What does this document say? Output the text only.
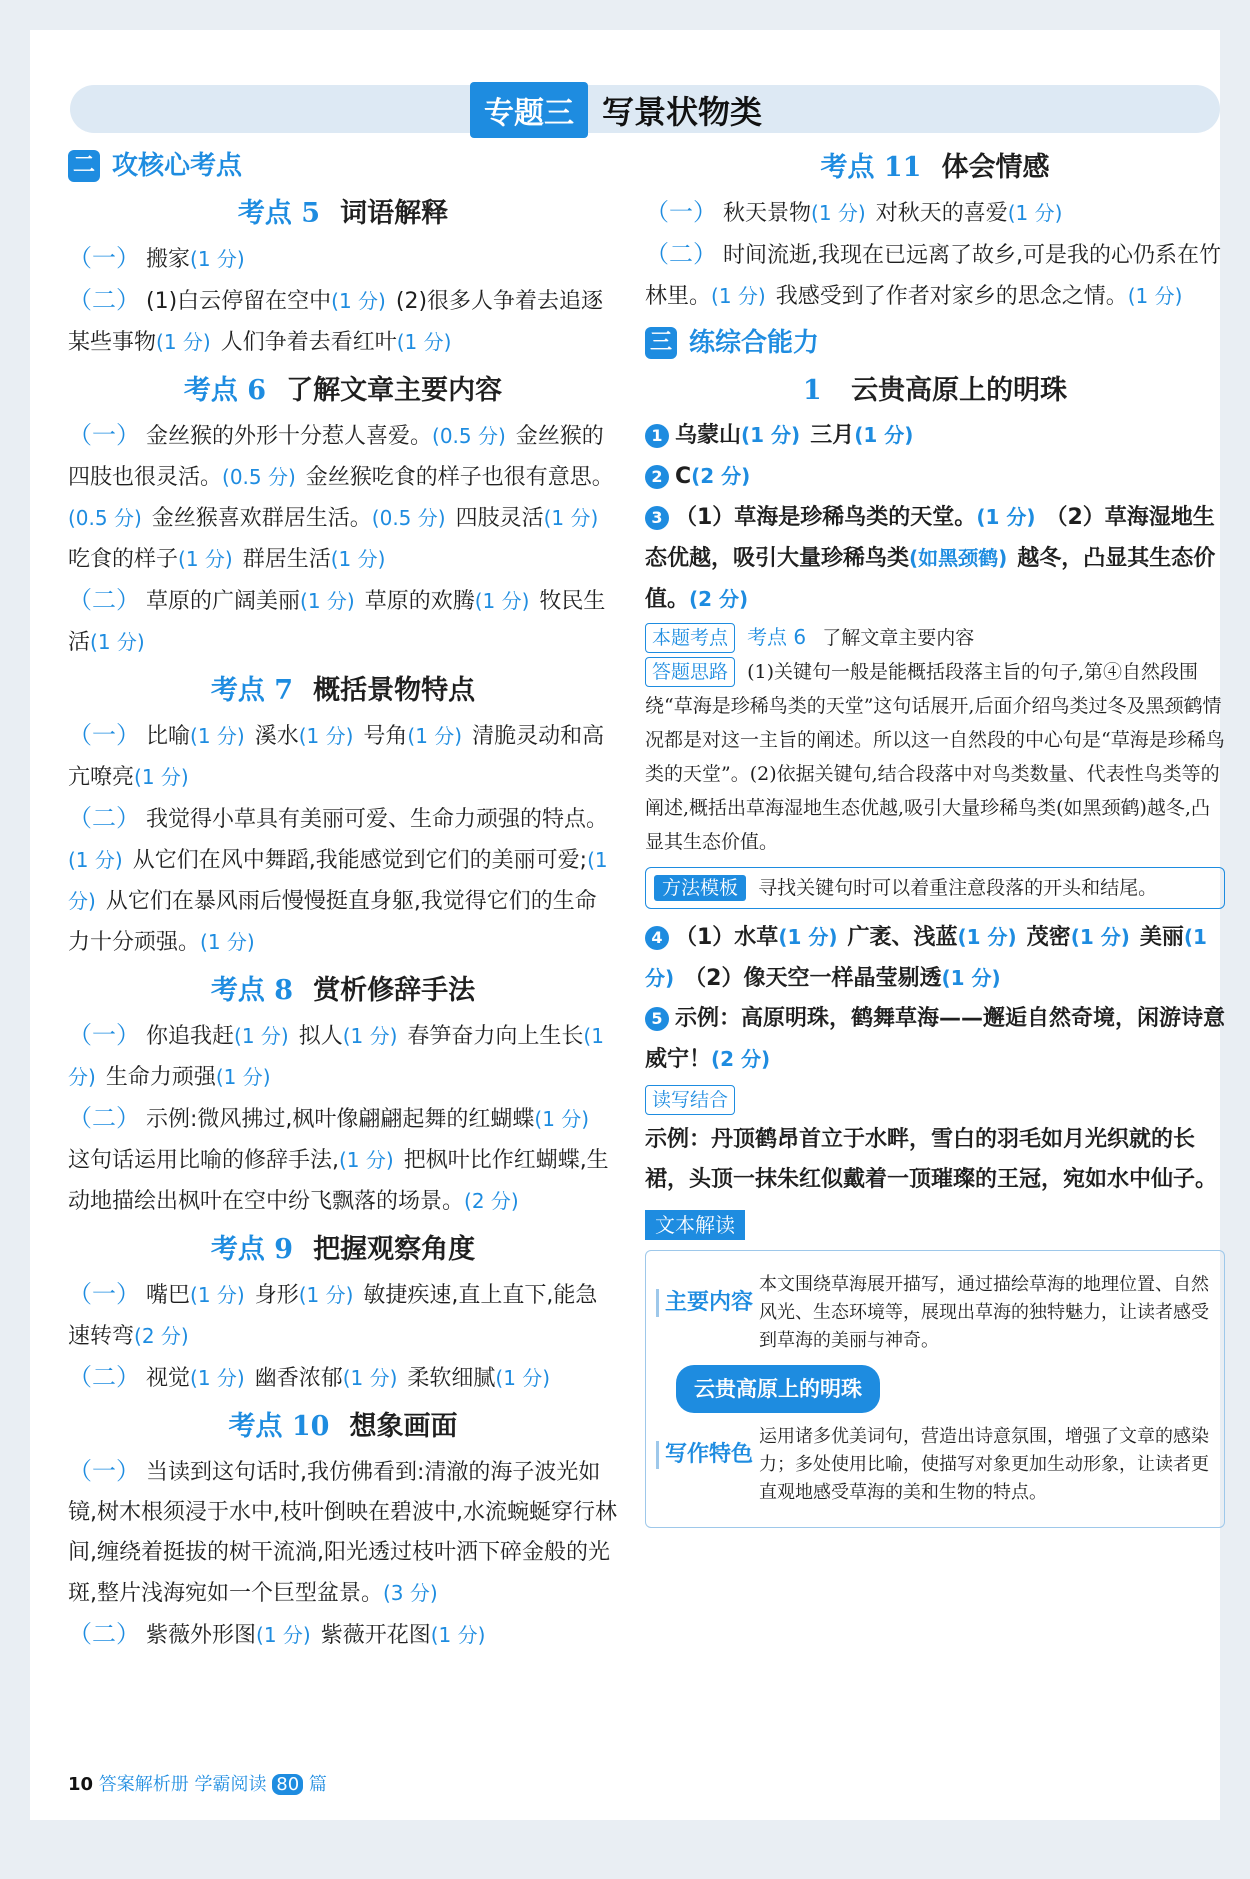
专题三 写景状物类
二 攻核心考点
考点 5 词语解释

（一） 搬家(1 分)

（二） (1)白云停留在空中(1 分) (2)很多人争着去追逐某些事物(1 分) 人们争着去看红叶(1 分)

考点 6 了解文章主要内容

（一） 金丝猴的外形十分惹人喜爱。(0.5 分) 金丝猴的四肢也很灵活。(0.5 分) 金丝猴吃食的样子也很有意思。(0.5 分) 金丝猴喜欢群居生活。(0.5 分) 四肢灵活(1 分)吃食的样子(1 分) 群居生活(1 分)

（二） 草原的广阔美丽(1 分) 草原的欢腾(1 分) 牧民生活(1 分)

考点 7 概括景物特点

（一） 比喻(1 分) 溪水(1 分) 号角(1 分) 清脆灵动和高亢嘹亮(1 分)

（二） 我觉得小草具有美丽可爱、生命力顽强的特点。(1 分) 从它们在风中舞蹈,我能感觉到它们的美丽可爱;(1 分) 从它们在暴风雨后慢慢挺直身躯,我觉得它们的生命力十分顽强。(1 分)

考点 8 赏析修辞手法

（一） 你追我赶(1 分) 拟人(1 分) 春笋奋力向上生长(1 分) 生命力顽强(1 分)

（二） 示例:微风拂过,枫叶像翩翩起舞的红蝴蝶(1 分)这句话运用比喻的修辞手法,(1 分) 把枫叶比作红蝴蝶,生动地描绘出枫叶在空中纷飞飘落的场景。(2 分)

考点 9 把握观察角度

（一） 嘴巴(1 分) 身形(1 分) 敏捷疾速,直上直下,能急速转弯(2 分)

（二） 视觉(1 分) 幽香浓郁(1 分) 柔软细腻(1 分)

考点 10 想象画面

（一） 当读到这句话时,我仿佛看到:清澈的海子波光如镜,树木根须浸于水中,枝叶倒映在碧波中,水流蜿蜒穿行林间,缠绕着挺拔的树干流淌,阳光透过枝叶洒下碎金般的光斑,整片浅海宛如一个巨型盆景。(3 分)

（二） 紫薇外形图(1 分) 紫薇开花图(1 分)

考点 11 体会情感

（一） 秋天景物(1 分) 对秋天的喜爱(1 分)

（二） 时间流逝,我现在已远离了故乡,可是我的心仍系在竹林里。(1 分) 我感受到了作者对家乡的思念之情。(1 分)

三 练综合能力
1 云贵高原上的明珠

1 乌蒙山(1 分) 三月(1 分)

2 C(2 分)

3 （1）草海是珍稀鸟类的天堂。(1 分) （2）草海湿地生态优越，吸引大量珍稀鸟类(如黑颈鹤) 越冬，凸显其生态价值。(2 分)

本题考点 考点 6 了解文章主要内容

答题思路 (1)关键句一般是能概括段落主旨的句子,第④自然段围绕“草海是珍稀鸟类的天堂”这句话展开,后面介绍鸟类过冬及黑颈鹤情况都是对这一主旨的阐述。所以这一自然段的中心句是“草海是珍稀鸟类的天堂”。(2)依据关键句,结合段落中对鸟类数量、代表性鸟类等的阐述,概括出草海湿地生态优越,吸引大量珍稀鸟类(如黑颈鹤)越冬,凸显其生态价值。

方法模板 寻找关键句时可以着重注意段落的开头和结尾。

4 （1）水草(1 分) 广袤、浅蓝(1 分) 茂密(1 分) 美丽(1 分) （2）像天空一样晶莹剔透(1 分)

5 示例：高原明珠，鹤舞草海——邂逅自然奇境，闲游诗意威宁！(2 分)

读写结合

示例：丹顶鹤昂首立于水畔，雪白的羽毛如月光织就的长裙，头顶一抹朱红似戴着一顶璀璨的王冠，宛如水中仙子。

文本解读
主要内容
本文围绕草海展开描写，通过描绘草海的地理位置、自然风光、生态环境等，展现出草海的独特魅力，让读者感受到草海的美丽与神奇。
云贵高原上的明珠
写作特色
运用诸多优美词句，营造出诗意氛围，增强了文章的感染力；多处使用比喻，使描写对象更加生动形象，让读者更直观地感受草海的美和生物的特点。
10 答案解析册 学霸阅读 80 篇
